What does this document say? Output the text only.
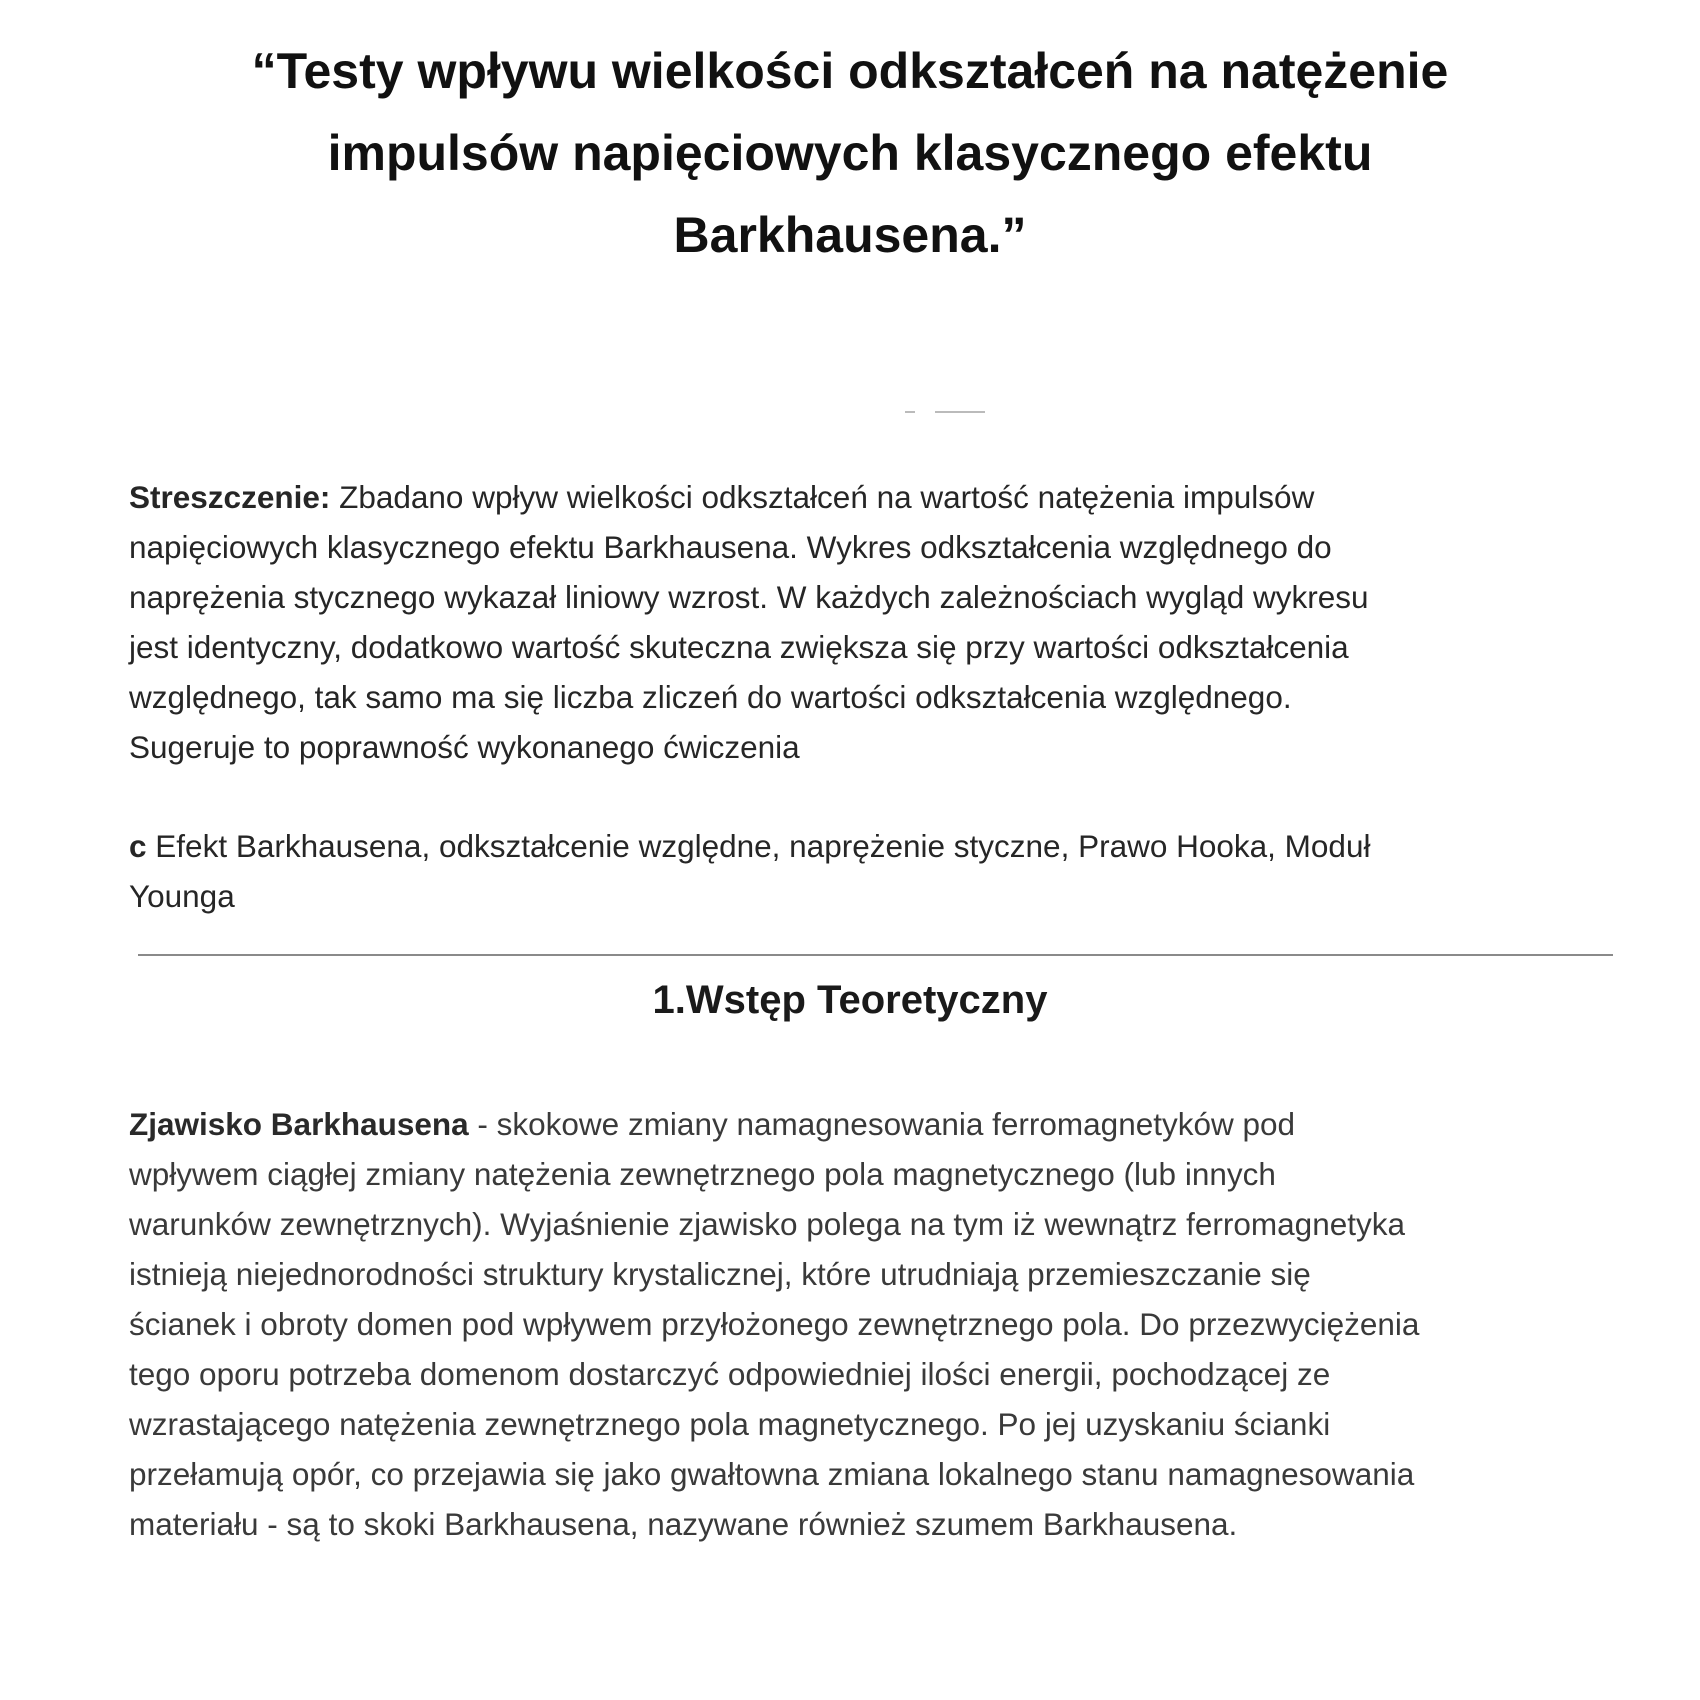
“Testy wpływu wielkości odkształceń na natężenie
impulsów napięciowych klasycznego efektu
Barkhausena.”
Streszczenie: Zbadano wpływ wielkości odkształceń na wartość natężenia impulsów
napięciowych klasycznego efektu Barkhausena. Wykres odkształcenia względnego do
naprężenia stycznego wykazał liniowy wzrost. W każdych zależnościach wygląd wykresu
jest identyczny, dodatkowo wartość skuteczna zwiększa się przy wartości odkształcenia
względnego, tak samo ma się liczba zliczeń do wartości odkształcenia względnego.
Sugeruje to poprawność wykonanego ćwiczenia
c Efekt Barkhausena, odkształcenie względne, naprężenie styczne, Prawo Hooka, Moduł
Younga
1.Wstęp Teoretyczny
Zjawisko Barkhausena - skokowe zmiany namagnesowania ferromagnetyków pod
wpływem ciągłej zmiany natężenia zewnętrznego pola magnetycznego (lub innych
warunków zewnętrznych). Wyjaśnienie zjawisko polega na tym iż wewnątrz ferromagnetyka
istnieją niejednorodności struktury krystalicznej, które utrudniają przemieszczanie się
ścianek i obroty domen pod wpływem przyłożonego zewnętrznego pola. Do przezwyciężenia
tego oporu potrzeba domenom dostarczyć odpowiedniej ilości energii, pochodzącej ze
wzrastającego natężenia zewnętrznego pola magnetycznego. Po jej uzyskaniu ścianki
przełamują opór, co przejawia się jako gwałtowna zmiana lokalnego stanu namagnesowania
materiału - są to skoki Barkhausena, nazywane również szumem Barkhausena.
